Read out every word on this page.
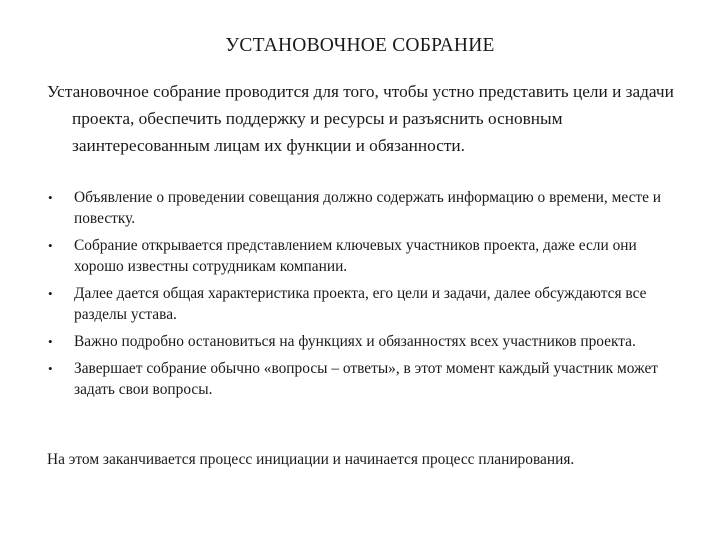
УСТАНОВОЧНОЕ СОБРАНИЕ
Установочное собрание проводится для того, чтобы устно представить цели и задачи проекта, обеспечить поддержку и ресурсы и разъяснить основным заинтересованным лицам их функции и обязанности.
•	Объявление о проведении совещания должно содержать информацию о времени, месте и повестку.
•	Собрание открывается представлением ключевых участников проекта, даже если они хорошо известны сотрудникам компании.
•	Далее дается общая характеристика проекта, его цели и задачи, далее обсуждаются все разделы устава.
•	Важно подробно остановиться на функциях и обязанностях всех участников проекта.
•	Завершает собрание обычно «вопросы – ответы», в этот момент каждый участник может задать свои вопросы.
На этом заканчивается процесс инициации и начинается процесс планирования.
